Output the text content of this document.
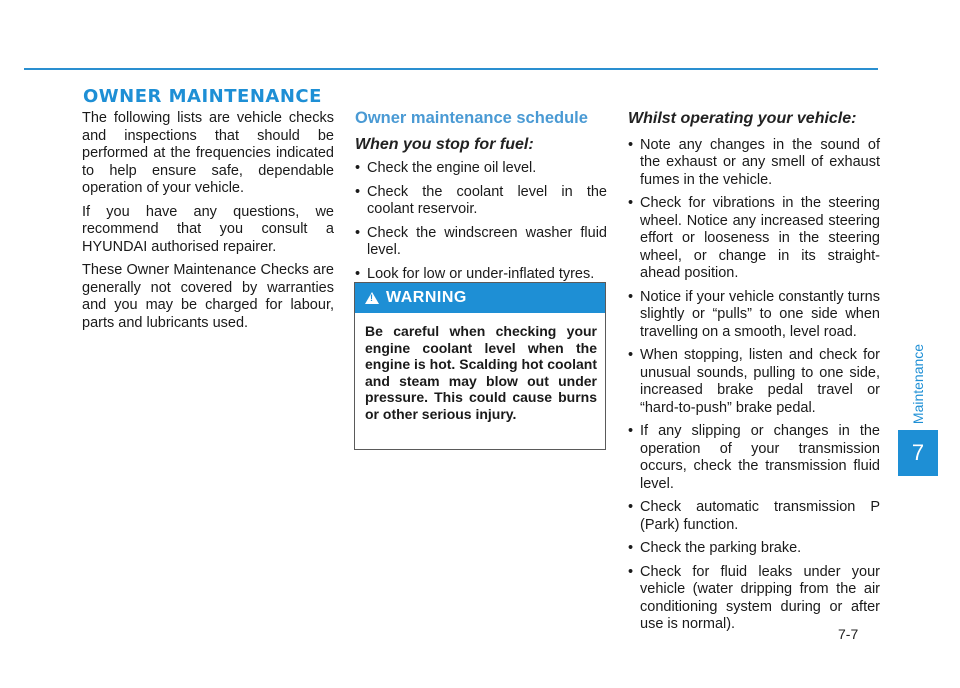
OWNER MAINTENANCE

The following lists are vehicle checks and inspections that should be performed at the frequencies indicated to help ensure safe, dependable operation of your vehicle.

If you have any questions, we recommend that you consult a HYUNDAI authorised repairer.

These Owner Maintenance Checks are generally not covered by warranties and you may be charged for labour, parts and lubricants used.

Owner maintenance schedule
When you stop for fuel:
• Check the engine oil level.
• Check the coolant level in the coolant reservoir.
• Check the windscreen washer fluid level.
• Look for low or under-inflated tyres.
!
WARNING
Be careful when checking your engine coolant level when the engine is hot. Scalding hot coolant and steam may blow out under pressure. This could cause burns or other serious injury.
Whilst operating your vehicle:
• Note any changes in the sound of the exhaust or any smell of exhaust fumes in the vehicle.
• Check for vibrations in the steering wheel. Notice any increased steering effort or looseness in the steering wheel, or change in its straight-ahead position.
• Notice if your vehicle constantly turns slightly or “pulls” to one side when travelling on a smooth, level road.
• When stopping, listen and check for unusual sounds, pulling to one side, increased brake pedal travel or “hard-to-push” brake pedal.
• If any slipping or changes in the operation of your transmission occurs, check the transmission fluid level.
• Check automatic transmission P (Park) function.
• Check the parking brake.
• Check for fluid leaks under your vehicle (water dripping from the air conditioning system during or after use is normal).
Maintenance
7
7-7
